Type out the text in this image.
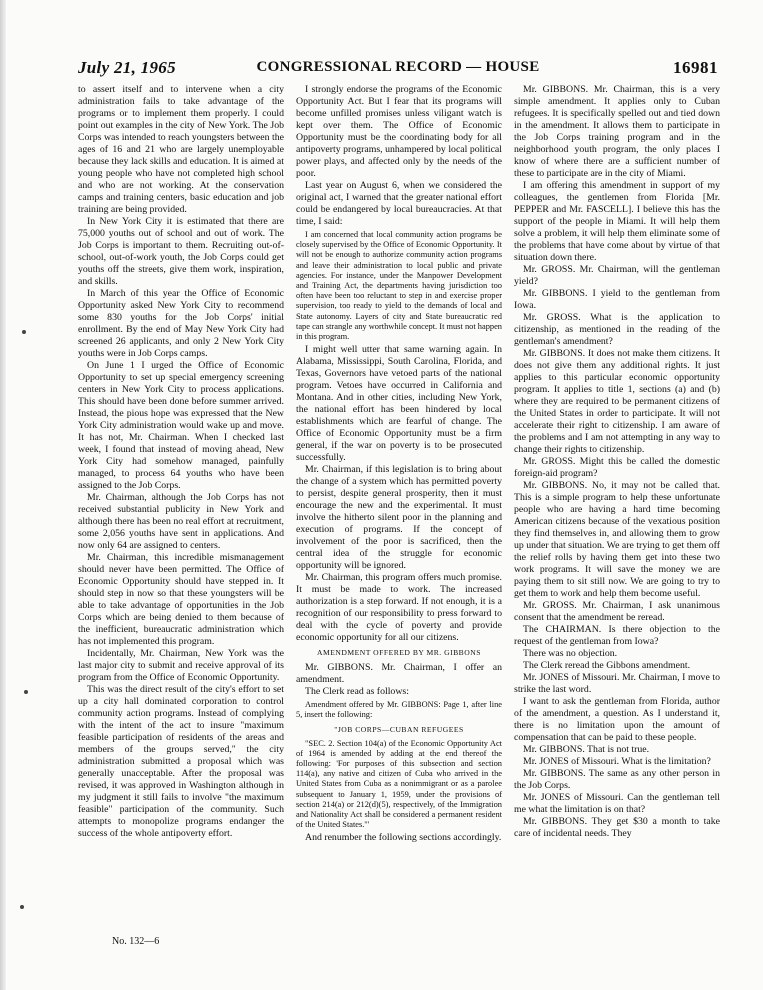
July 21, 1965	CONGRESSIONAL RECORD — HOUSE	16981

to assert itself and to intervene when a city administration fails to take advantage of the programs or to implement them properly. I could point out examples in the city of New York. The Job Corps was intended to reach youngsters between the ages of 16 and 21 who are largely unemployable because they lack skills and education. It is aimed at young people who have not completed high school and who are not working. At the conservation camps and training centers, basic education and job training are being provided.

In New York City it is estimated that there are 75,000 youths out of school and out of work. The Job Corps is important to them. Recruiting out-of-school, out-of-work youth, the Job Corps could get youths off the streets, give them work, inspiration, and skills.

In March of this year the Office of Economic Opportunity asked New York City to recommend some 830 youths for the Job Corps' initial enrollment. By the end of May New York City had screened 26 applicants, and only 2 New York City youths were in Job Corps camps.

On June 1 I urged the Office of Economic Opportunity to set up special emergency screening centers in New York City to process applications. This should have been done before summer arrived. Instead, the pious hope was expressed that the New York City administration would wake up and move. It has not, Mr. Chairman. When I checked last week, I found that instead of moving ahead, New York City had somehow managed, painfully managed, to process 64 youths who have been assigned to the Job Corps.

Mr. Chairman, although the Job Corps has not received substantial publicity in New York and although there has been no real effort at recruitment, some 2,056 youths have sent in applications. And now only 64 are assigned to centers.

Mr. Chairman, this incredible mismanagement should never have been permitted. The Office of Economic Opportunity should have stepped in. It should step in now so that these youngsters will be able to take advantage of opportunities in the Job Corps which are being denied to them because of the inefficient, bureaucratic administration which has not implemented this program.

Incidentally, Mr. Chairman, New York was the last major city to submit and receive approval of its program from the Office of Economic Opportunity.

This was the direct result of the city's effort to set up a city hall dominated corporation to control community action programs. Instead of complying with the intent of the act to insure "maximum feasible participation of residents of the areas and members of the groups served," the city administration submitted a proposal which was generally unacceptable. After the proposal was revised, it was approved in Washington although in my judgment it still fails to involve "the maximum feasible" participation of the community. Such attempts to monopolize programs endanger the success of the whole antipoverty effort.

I strongly endorse the programs of the Economic Opportunity Act. But I fear that its programs will become unfilled promises unless viligant watch is kept over them. The Office of Economic Opportunity must be the coordinating body for all antipoverty programs, unhampered by local political power plays, and affected only by the needs of the poor.

Last year on August 6, when we considered the original act, I warned that the greater national effort could be endangered by local bureaucracies. At that time, I said:

I am concerned that local community action programs be closely supervised by the Office of Economic Opportunity. It will not be enough to authorize community action programs and leave their administration to local public and private agencies. For instance, under the Manpower Development and Training Act, the departments having jurisdiction too often have been too reluctant to step in and exercise proper supervision, too ready to yield to the demands of local and State autonomy. Layers of city and State bureaucratic red tape can strangle any worthwhile concept. It must not happen in this program.

I might well utter that same warning again. In Alabama, Mississippi, South Carolina, Florida, and Texas, Governors have vetoed parts of the national program. Vetoes have occurred in California and Montana. And in other cities, including New York, the national effort has been hindered by local establishments which are fearful of change. The Office of Economic Opportunity must be a firm general, if the war on poverty is to be prosecuted successfully.

Mr. Chairman, if this legislation is to bring about the change of a system which has permitted poverty to persist, despite general prosperity, then it must encourage the new and the experimental. It must involve the hitherto silent poor in the planning and execution of programs. If the concept of involvement of the poor is sacrificed, then the central idea of the struggle for economic opportunity will be ignored.

Mr. Chairman, this program offers much promise. It must be made to work. The increased authorization is a step forward. If not enough, it is a recognition of our responsibility to press forward to deal with the cycle of poverty and provide economic opportunity for all our citizens.

AMENDMENT OFFERED BY MR. GIBBONS

Mr. GIBBONS. Mr. Chairman, I offer an amendment.

The Clerk read as follows:

Amendment offered by Mr. GIBBONS: Page 1, after line 5, insert the following:

"JOB CORPS—CUBAN REFUGEES

"SEC. 2. Section 104(a) of the Economic Opportunity Act of 1964 is amended by adding at the end thereof the following: 'For purposes of this subsection and section 114(a), any native and citizen of Cuba who arrived in the United States from Cuba as a nonimmigrant or as a parolee subsequent to January 1, 1959, under the provisions of section 214(a) or 212(d)(5), respectively, of the Immigration and Nationality Act shall be considered a permanent resident of the United States.'"

And renumber the following sections accordingly.

Mr. GIBBONS. Mr. Chairman, this is a very simple amendment. It applies only to Cuban refugees. It is specifically spelled out and tied down in the amendment. It allows them to participate in the Job Corps training program and in the neighborhood youth program, the only places I know of where there are a sufficient number of these to participate are in the city of Miami.

I am offering this amendment in support of my colleagues, the gentlemen from Florida [Mr. PEPPER and Mr. FASCELL]. I believe this has the support of the people in Miami. It will help them solve a problem, it will help them eliminate some of the problems that have come about by virtue of that situation down there.

Mr. GROSS. Mr. Chairman, will the gentleman yield?

Mr. GIBBONS. I yield to the gentleman from Iowa.

Mr. GROSS. What is the application to citizenship, as mentioned in the reading of the gentleman's amendment?

Mr. GIBBONS. It does not make them citizens. It does not give them any additional rights. It just applies to this particular economic opportunity program. It applies to title 1, sections (a) and (b) where they are required to be permanent citizens of the United States in order to participate. It will not accelerate their right to citizenship. I am aware of the problems and I am not attempting in any way to change their rights to citizenship.

Mr. GROSS. Might this be called the domestic foreign-aid program?

Mr. GIBBONS. No, it may not be called that. This is a simple program to help these unfortunate people who are having a hard time becoming American citizens because of the vexatious position they find themselves in, and allowing them to grow up under that situation. We are trying to get them off the relief rolls by having them get into these two work programs. It will save the money we are paying them to sit still now. We are going to try to get them to work and help them become useful.

Mr. GROSS. Mr. Chairman, I ask unanimous consent that the amendment be reread.

The CHAIRMAN. Is there objection to the request of the gentleman from Iowa?

There was no objection.

The Clerk reread the Gibbons amendment.

Mr. JONES of Missouri. Mr. Chairman, I move to strike the last word.

I want to ask the gentleman from Florida, author of the amendment, a question. As I understand it, there is no limitation upon the amount of compensation that can be paid to these people.

Mr. GIBBONS. That is not true.

Mr. JONES of Missouri. What is the limitation?

Mr. GIBBONS. The same as any other person in the Job Corps.

Mr. JONES of Missouri. Can the gentleman tell me what the limitation is on that?

Mr. GIBBONS. They get $30 a month to take care of incidental needs. They

No. 132—6
